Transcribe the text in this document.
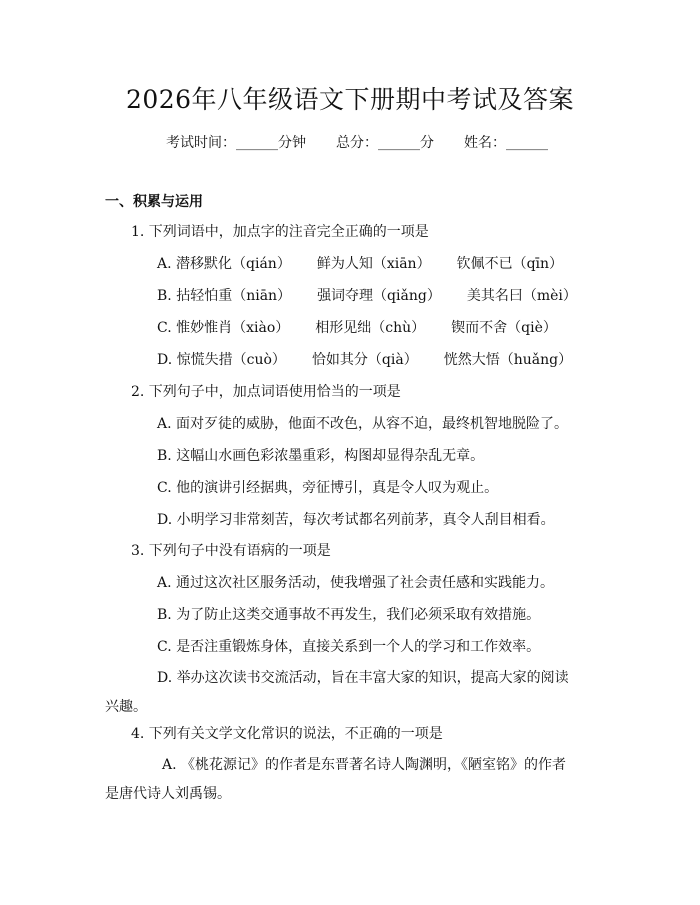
2026年八年级语文下册期中考试及答案
考试时间：______分钟 总分：______分 姓名：______
一、积累与运用
1. 下列词语中，加点字的注音完全正确的一项是
A. 潜移默化（qián） 鲜为人知（xiān） 钦佩不已（qīn）
B. 拈轻怕重（niān） 强词夺理（qiǎng） 美其名曰（mèi）
C. 惟妙惟肖（xiào） 相形见绌（chù） 锲而不舍（qiè）
D. 惊慌失措（cuò） 恰如其分（qià） 恍然大悟（huǎng）
2. 下列句子中，加点词语使用恰当的一项是
A. 面对歹徒的威胁，他面不改色，从容不迫，最终机智地脱险了。
B. 这幅山水画色彩浓墨重彩，构图却显得杂乱无章。
C. 他的演讲引经据典，旁征博引，真是令人叹为观止。
D. 小明学习非常刻苦，每次考试都名列前茅，真令人刮目相看。
3. 下列句子中没有语病的一项是
A. 通过这次社区服务活动，使我增强了社会责任感和实践能力。
B. 为了防止这类交通事故不再发生，我们必须采取有效措施。
C. 是否注重锻炼身体，直接关系到一个人的学习和工作效率。
D. 举办这次读书交流活动，旨在丰富大家的知识，提高大家的阅读兴趣。
4. 下列有关文学文化常识的说法，不正确的一项是
A. 《桃花源记》的作者是东晋著名诗人陶渊明，《陋室铭》的作者是唐代诗人刘禹锡。
